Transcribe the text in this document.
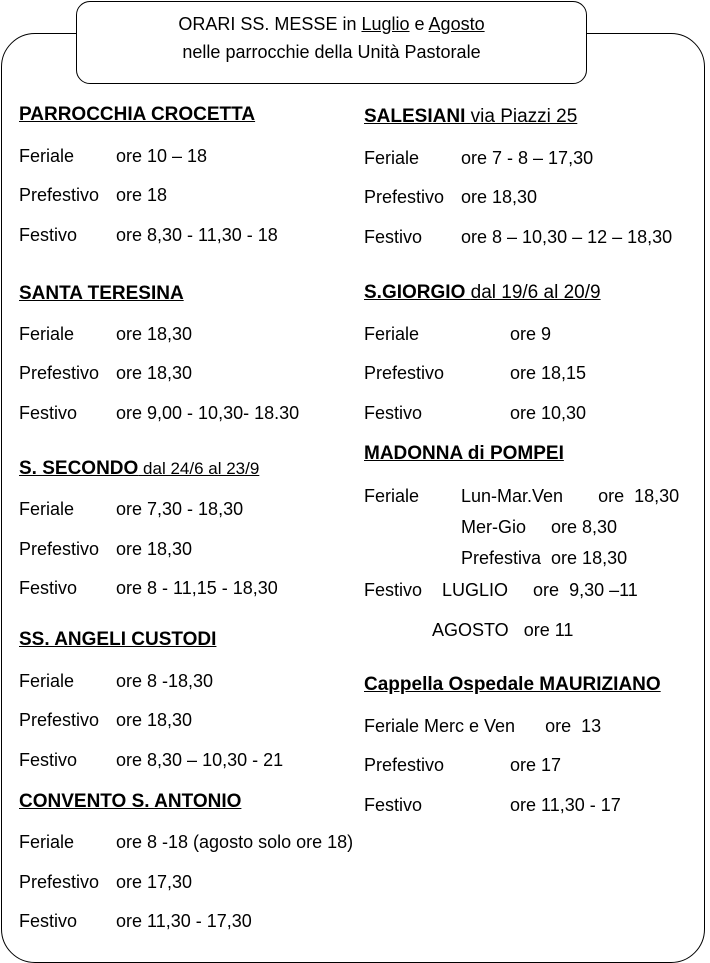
ORARI SS. MESSE in Luglio e Agosto
nelle parrocchie della Unità Pastorale
PARROCCHIA CROCETTA
Feriale ore 10 – 18
Prefestivo ore 18
Festivo ore 8,30 - 11,30 - 18
SANTA TERESINA
Feriale ore 18,30
Prefestivo ore 18,30
Festivo ore 9,00 - 10,30- 18.30
S. SECONDO dal 24/6 al 23/9
Feriale ore 7,30 - 18,30
Prefestivo ore 18,30
Festivo ore 8 - 11,15 - 18,30
SS. ANGELI CUSTODI
Feriale ore 8 -18,30
Prefestivo ore 18,30
Festivo ore 8,30 – 10,30 - 21
CONVENTO S. ANTONIO
Feriale ore 8 -18 (agosto solo ore 18)
Prefestivo ore 17,30
Festivo ore 11,30 - 17,30
SALESIANI via Piazzi 25
Feriale ore 7 - 8 – 17,30
Prefestivo ore 18,30
Festivo ore 8 – 10,30 – 12 – 18,30
S.GIORGIO dal 19/6 al 20/9
Feriale	ore 9
Prefestivo	ore 18,15
Festivo	ore 10,30
MADONNA di POMPEI
Feriale Lun-Mar.Ven       ore  18,30
Mer-Gio     ore 8,30
Prefestiva  ore 18,30
Festivo    LUGLIO     ore  9,30 –11
AGOSTO   ore 11
Cappella Ospedale MAURIZIANO
Feriale Merc e Ven      ore  13
Prefestivo	ore 17
Festivo	ore 11,30 - 17
